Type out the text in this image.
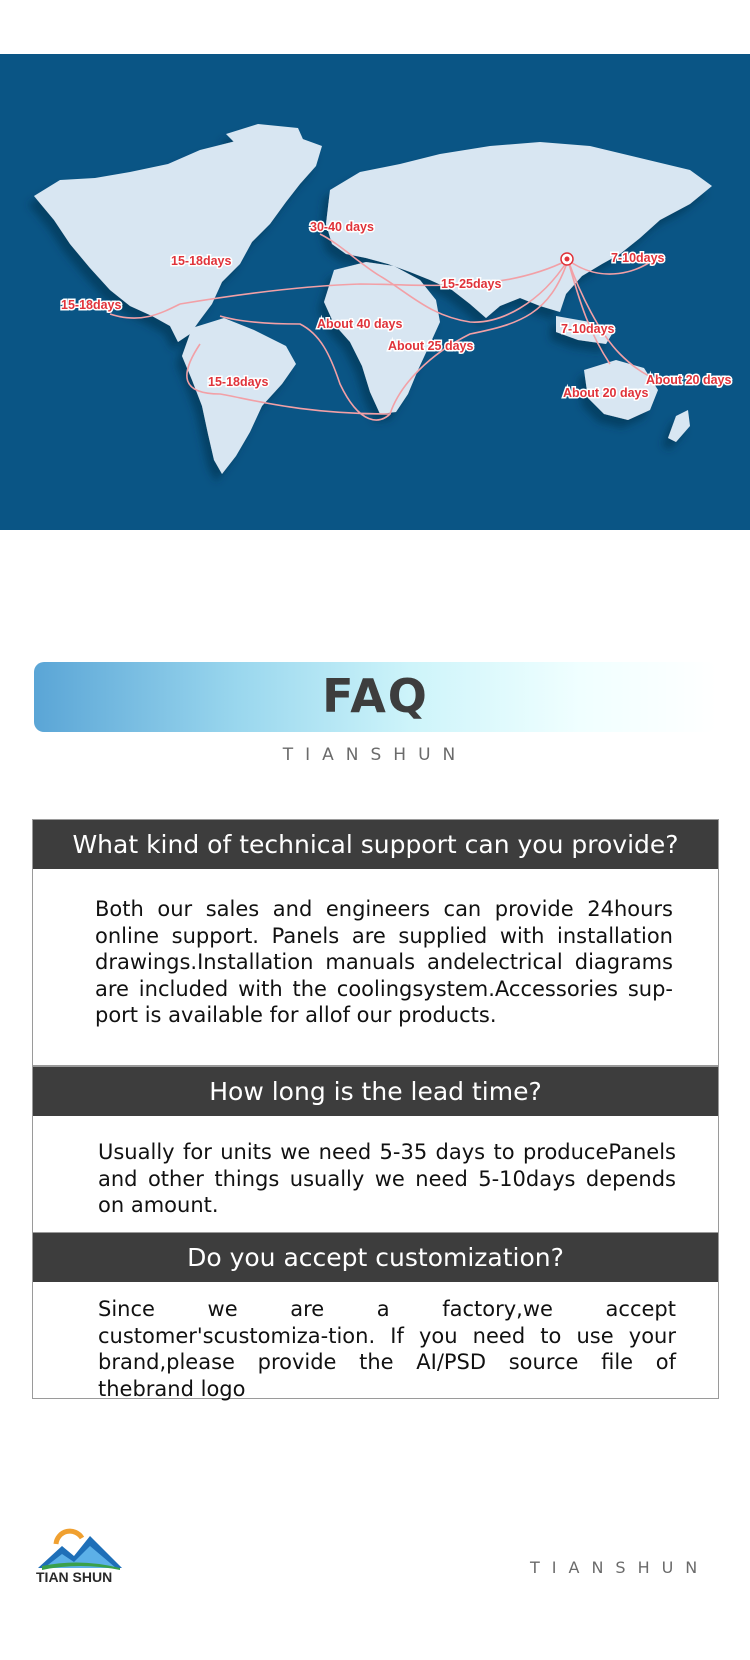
15-18days
15-18days
30-40 days
15-25days
7-10days
About 40 days
About 25 days
7-10days
15-18days
About 20 days
About 20 days
FAQ
TIANSHUN
What kind of technical support can you provide?
Both our sales and engineers can provide 24hours online support. Panels are supplied with installation drawings.Installation manuals andelectrical diagrams are included with the coolingsystem.Accessories sup-port is available for allof our products.
How long is the lead time?
Usually for units we need 5-35 days to producePanels and other things usually we need 5-10days depends on amount.
Do you accept customization?
Since we are a factory,we accept customer'scustomiza-tion. If you need to use your brand,please provide the AI/PSD source file of thebrand logo
TIAN SHUN	TIANSHUN
